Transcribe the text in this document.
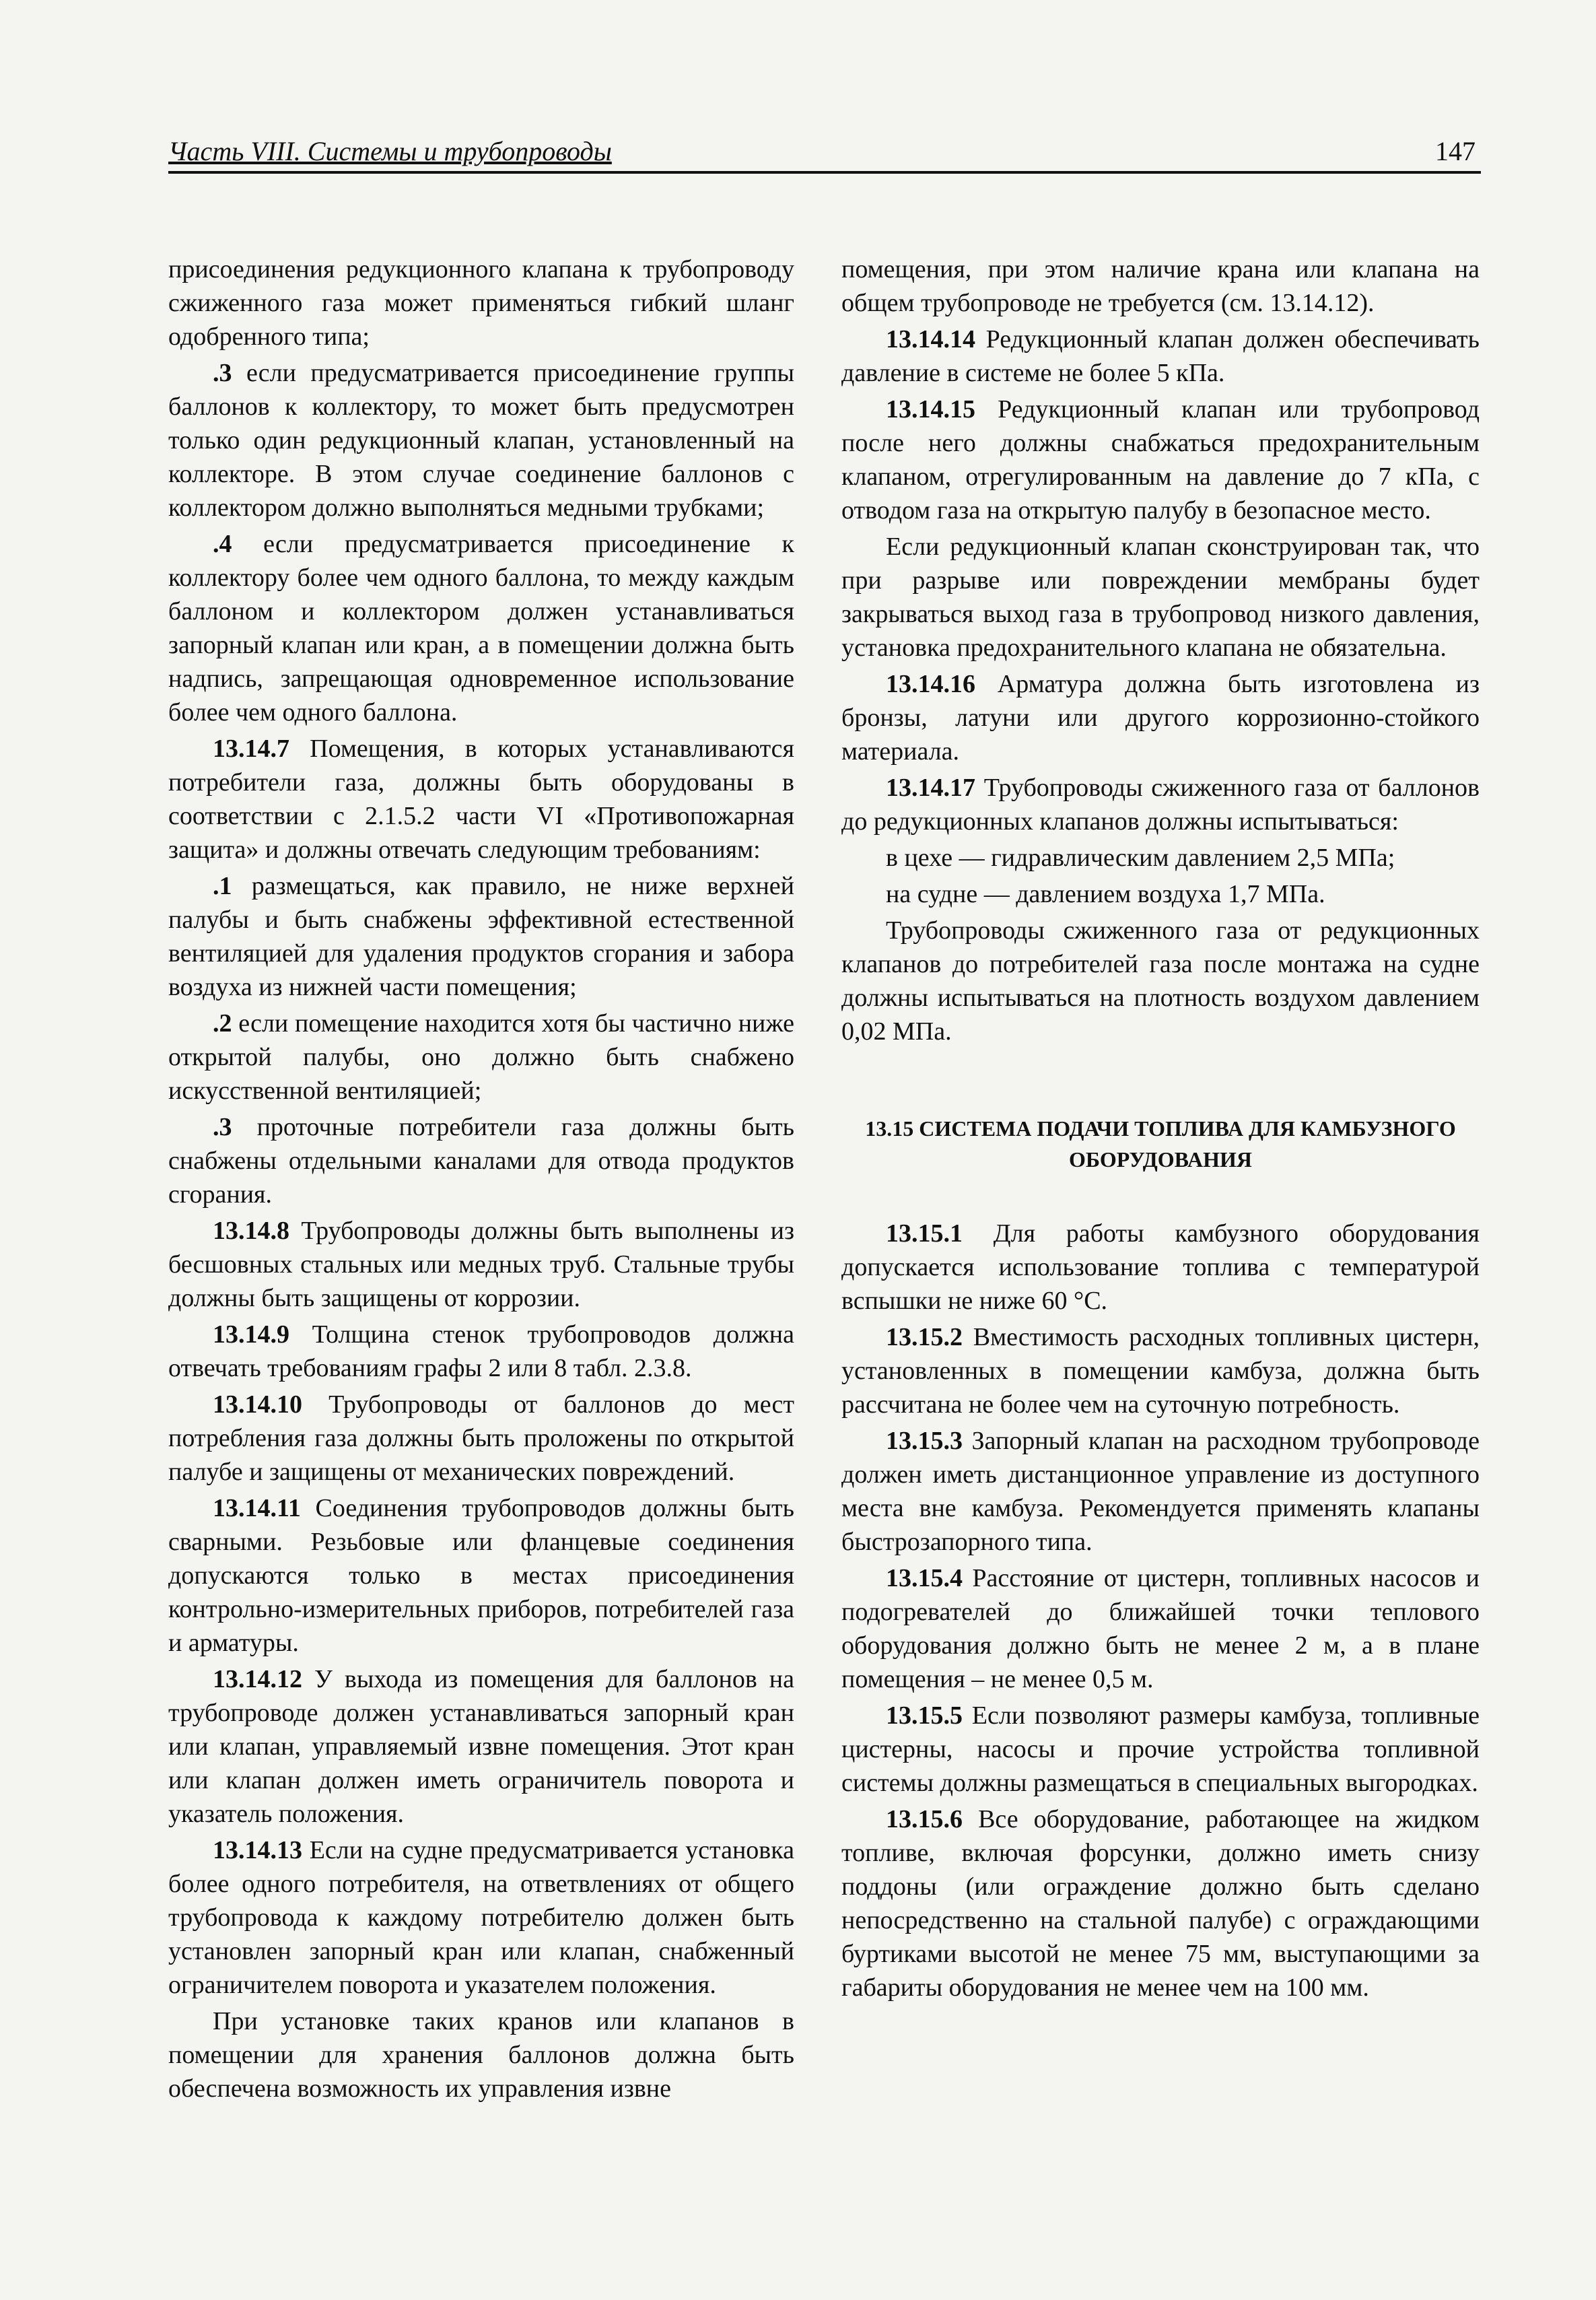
Часть VIII. Системы и трубопроводы	147

присоединения редукционного клапана к трубопроводу сжиженного газа может применяться гибкий шланг одобренного типа;

.3 если предусматривается присоединение группы баллонов к коллектору, то может быть предусмотрен только один редукционный клапан, установленный на коллекторе. В этом случае соединение баллонов с коллектором должно выполняться медными трубками;

.4 если предусматривается присоединение к коллектору более чем одного баллона, то между каждым баллоном и коллектором должен устанавливаться запорный клапан или кран, а в помещении должна быть надпись, запрещающая одновременное использование более чем одного баллона.

13.14.7 Помещения, в которых устанавливаются потребители газа, должны быть оборудованы в соответствии с 2.1.5.2 части VI «Противопожарная защита» и должны отвечать следующим требованиям:

.1 размещаться, как правило, не ниже верхней палубы и быть снабжены эффективной естественной вентиляцией для удаления продуктов сгорания и забора воздуха из нижней части помещения;

.2 если помещение находится хотя бы частично ниже открытой палубы, оно должно быть снабжено искусственной вентиляцией;

.3 проточные потребители газа должны быть снабжены отдельными каналами для отвода продуктов сгорания.

13.14.8 Трубопроводы должны быть выполнены из бесшовных стальных или медных труб. Стальные трубы должны быть защищены от коррозии.

13.14.9 Толщина стенок трубопроводов должна отвечать требованиям графы 2 или 8 табл. 2.3.8.

13.14.10 Трубопроводы от баллонов до мест потребления газа должны быть проложены по открытой палубе и защищены от механических повреждений.

13.14.11 Соединения трубопроводов должны быть сварными. Резьбовые или фланцевые соединения допускаются только в местах присоединения контрольно-измерительных приборов, потребителей газа и арматуры.

13.14.12 У выхода из помещения для баллонов на трубопроводе должен устанавливаться запорный кран или клапан, управляемый извне помещения. Этот кран или клапан должен иметь ограничитель поворота и указатель положения.

13.14.13 Если на судне предусматривается установка более одного потребителя, на ответвлениях от общего трубопровода к каждому потребителю должен быть установлен запорный кран или клапан, снабженный ограничителем поворота и указателем положения.

При установке таких кранов или клапанов в помещении для хранения баллонов должна быть обеспечена возможность их управления извне

помещения, при этом наличие крана или клапана на общем трубопроводе не требуется (см. 13.14.12).

13.14.14 Редукционный клапан должен обеспечивать давление в системе не более 5 кПа.

13.14.15 Редукционный клапан или трубопровод после него должны снабжаться предохранительным клапаном, отрегулированным на давление до 7 кПа, с отводом газа на открытую палубу в безопасное место.

Если редукционный клапан сконструирован так, что при разрыве или повреждении мембраны будет закрываться выход газа в трубопровод низкого давления, установка предохранительного клапана не обязательна.

13.14.16 Арматура должна быть изготовлена из бронзы, латуни или другого коррозионно-стойкого материала.

13.14.17 Трубопроводы сжиженного газа от баллонов до редукционных клапанов должны испытываться:

в цехе — гидравлическим давлением 2,5 МПа;

на судне — давлением воздуха 1,7 МПа.

Трубопроводы сжиженного газа от редукционных клапанов до потребителей газа после монтажа на судне должны испытываться на плотность воздухом давлением 0,02 МПа.

13.15 СИСТЕМА ПОДАЧИ ТОПЛИВА ДЛЯ КАМБУЗНОГО ОБОРУДОВАНИЯ

13.15.1 Для работы камбузного оборудования допускается использование топлива с температурой вспышки не ниже 60 °С.

13.15.2 Вместимость расходных топливных цистерн, установленных в помещении камбуза, должна быть рассчитана не более чем на суточную потребность.

13.15.3 Запорный клапан на расходном трубопроводе должен иметь дистанционное управление из доступного места вне камбуза. Рекомендуется применять клапаны быстрозапорного типа.

13.15.4 Расстояние от цистерн, топливных насосов и подогревателей до ближайшей точки теплового оборудования должно быть не менее 2 м, а в плане помещения – не менее 0,5 м.

13.15.5 Если позволяют размеры камбуза, топливные цистерны, насосы и прочие устройства топливной системы должны размещаться в специальных выгородках.

13.15.6 Все оборудование, работающее на жидком топливе, включая форсунки, должно иметь снизу поддоны (или ограждение должно быть сделано непосредственно на стальной палубе) с ограждающими буртиками высотой не менее 75 мм, выступающими за габариты оборудования не менее чем на 100 мм.
